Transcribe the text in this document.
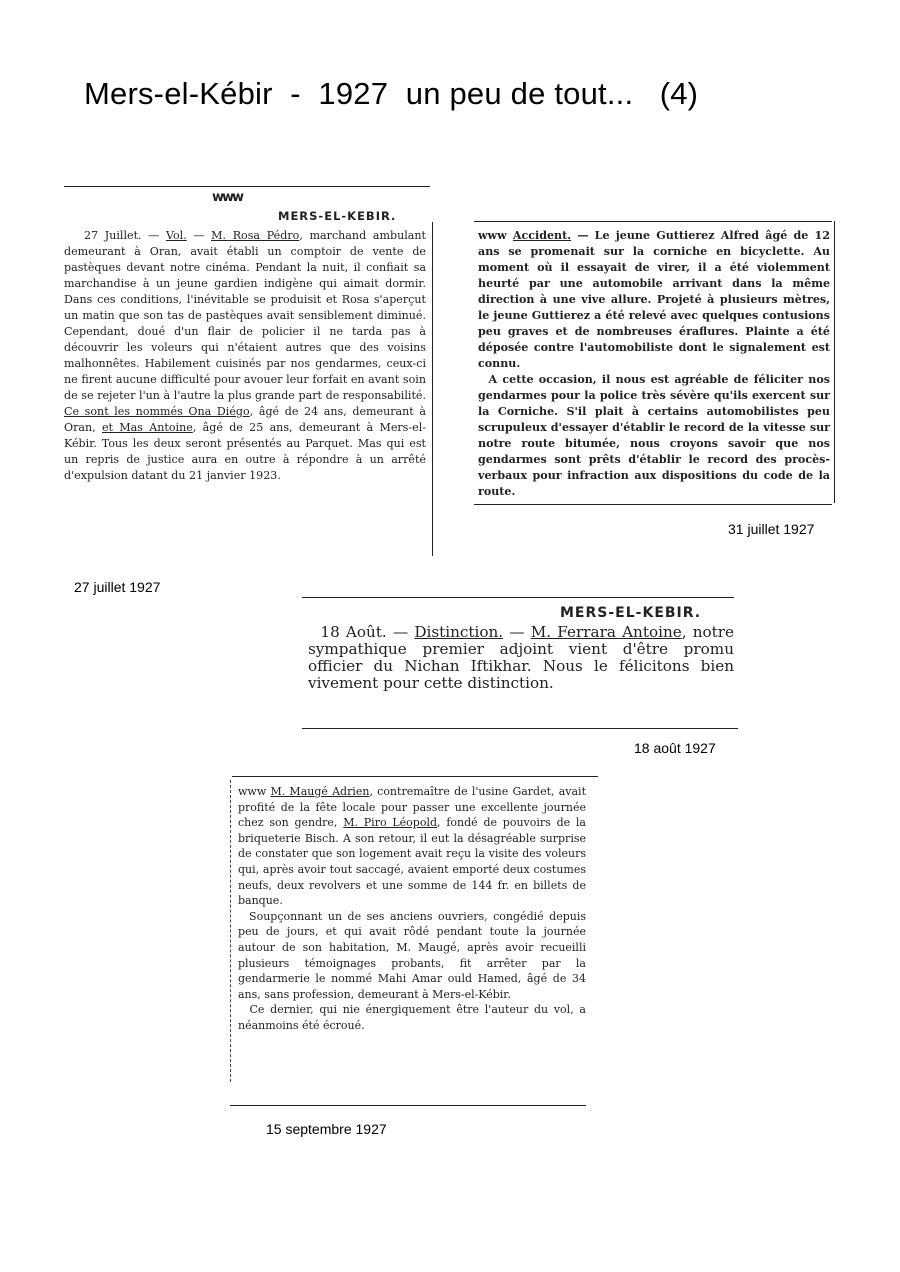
Mers-el-Kébir  -  1927  un peu de tout...   (4)
ᴡᴡᴡ
MERS-EL-KEBIR.

27 Juillet. — Vol. — M. Rosa Pédro, marchand ambulant demeurant à Oran, avait établi un comptoir de vente de pastèques devant notre cinéma. Pendant la nuit, il confiait sa marchandise à un jeune gardien indigène qui aimait dormir. Dans ces conditions, l'inévitable se produisit et Rosa s'aperçut un matin que son tas de pastèques avait sensiblement diminué. Cependant, doué d'un flair de policier il ne tarda pas à découvrir les voleurs qui n'étaient autres que des voisins malhonnêtes. Habilement cuisinés par nos gendarmes, ceux-ci ne firent aucune difficulté pour avouer leur forfait en avant soin de se rejeter l'un à l'autre la plus grande part de responsabilité. Ce sont les nommés Ona Diégo, âgé de 24 ans, demeurant à Oran, et Mas Antoine, âgé de 25 ans, demeurant à Mers-el-Kébir. Tous les deux seront présentés au Parquet. Mas qui est un repris de justice aura en outre à répondre à un arrêté d'expulsion datant du 21 janvier 1923.

27 juillet 1927

ᴡᴡᴡ Accident. — Le jeune Guttierez Alfred âgé de 12 ans se promenait sur la corniche en bicyclette. Au moment où il essayait de virer, il a été violemment heurté par une automobile arrivant dans la même direction à une vive allure. Projeté à plusieurs mètres, le jeune Guttierez a été relevé avec quelques contusions peu graves et de nombreuses éraflures. Plainte a été déposée contre l'automobiliste dont le signalement est connu.

A cette occasion, il nous est agréable de féliciter nos gendarmes pour la police très sévère qu'ils exercent sur la Corniche. S'il plait à certains automobilistes peu scrupuleux d'essayer d'établir le record de la vitesse sur notre route bitumée, nous croyons savoir que nos gendarmes sont prêts d'établir le record des procès-verbaux pour infraction aux dispositions du code de la route.

31 juillet 1927
MERS-EL-KEBIR.

18 Août. — Distinction. — M. Ferrara Antoine, notre sympathique premier adjoint vient d'être promu officier du Nichan Iftikhar. Nous le félicitons bien vivement pour cette distinction.

18 août 1927

ᴡᴡᴡ M. Maugé Adrien, contremaître de l'usine Gardet, avait profité de la fête locale pour passer une excellente journée chez son gendre, M. Piro Léopold, fondé de pouvoirs de la briqueterie Bisch. A son retour, il eut la désagréable surprise de constater que son logement avait reçu la visite des voleurs qui, après avoir tout saccagé, avaient emporté deux costumes neufs, deux revolvers et une somme de 144 fr. en billets de banque.

Soupçonnant un de ses anciens ouvriers, congédié depuis peu de jours, et qui avait rôdé pendant toute la journée autour de son habitation, M. Maugé, après avoir recueilli plusieurs témoignages probants, fit arrêter par la gendarmerie le nommé Mahi Amar ould Hamed, âgé de 34 ans, sans profession, demeurant à Mers-el-Kébir.

Ce dernier, qui nie énergiquement être l'auteur du vol, a néanmoins été écroué.

15 septembre 1927
